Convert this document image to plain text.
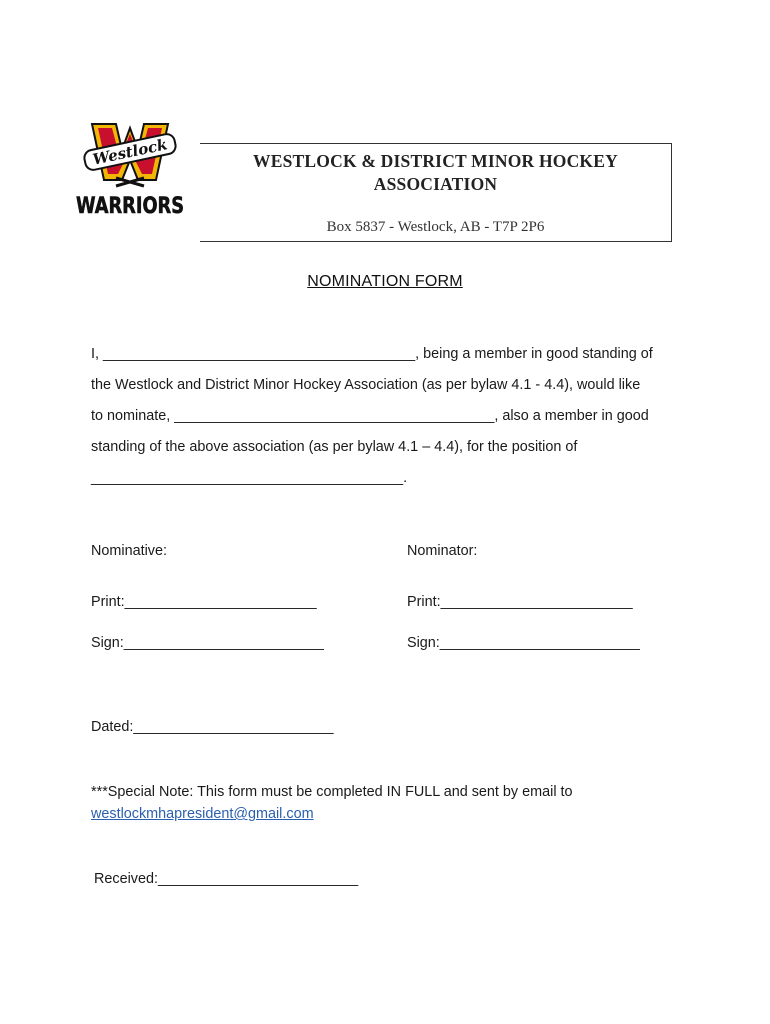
Westlock
WARRIORS
WESTLOCK & DISTRICT MINOR HOCKEY
ASSOCIATION
Box 5837 - Westlock, AB - T7P 2P6
NOMINATION FORM
I, _______________________________________, being a member in good standing of
the Westlock and District Minor Hockey Association (as per bylaw 4.1 - 4.4), would like
to nominate, ________________________________________, also a member in good
standing of the above association (as per bylaw 4.1 – 4.4), for the position of
_______________________________________.
Nominative:	Nominator:
Print:________________________	Print:________________________
Sign:_________________________	Sign:_________________________
Dated:_________________________
***Special Note: This form must be completed IN FULL and sent by email to
westlockmhapresident@gmail.com
Received:_________________________
